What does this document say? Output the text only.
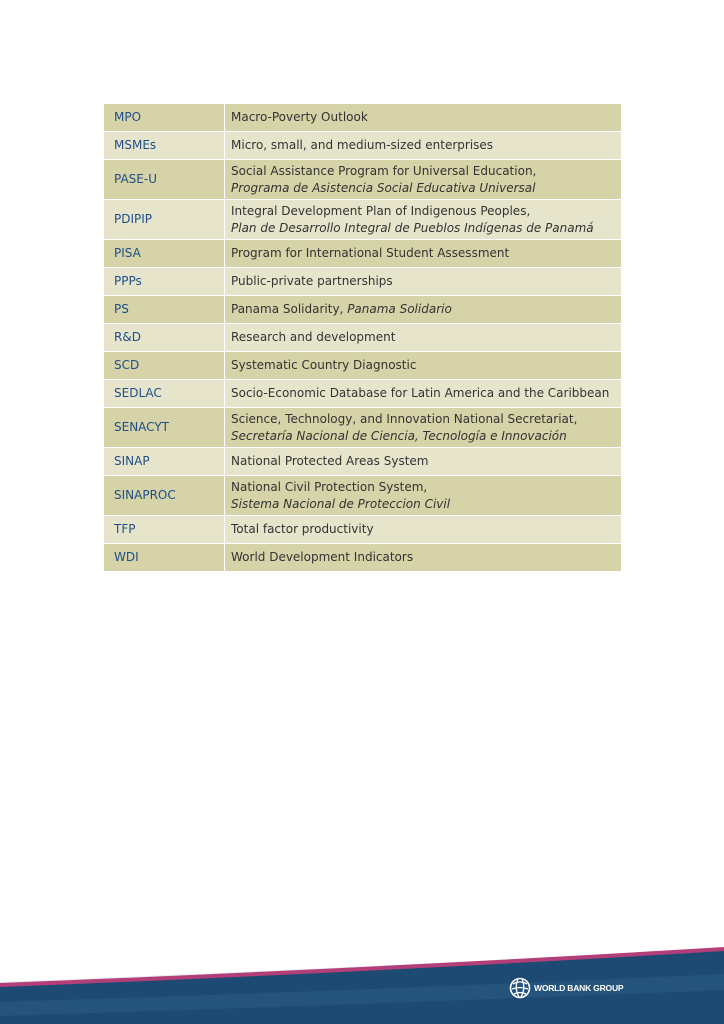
MPO	Macro-Poverty Outlook

MSMEs	Micro, small, and medium-sized enterprises

PASE-U	Social Assistance Program for Universal Education,
Programa de Asistencia Social Educativa Universal

PDIPIP	Integral Development Plan of Indigenous Peoples,
Plan de Desarrollo Integral de Pueblos Indígenas de Panamá

PISA	Program for International Student Assessment

PPPs	Public-private partnerships

PS	Panama Solidarity, Panama Solidario
R&D	Research and development

SCD	Systematic Country Diagnostic

SEDLAC	Socio-Economic Database for Latin America and the Caribbean

SENACYT	Science, Technology, and Innovation National Secretariat,
Secretaría Nacional de Ciencia, Tecnología e Innovación

SINAP	National Protected Areas System

SINAPROC	National Civil Protection System,
Sistema Nacional de Proteccion Civil

TFP	Total factor productivity

WDI	World Development Indicators
WORLD BANK GROUP
